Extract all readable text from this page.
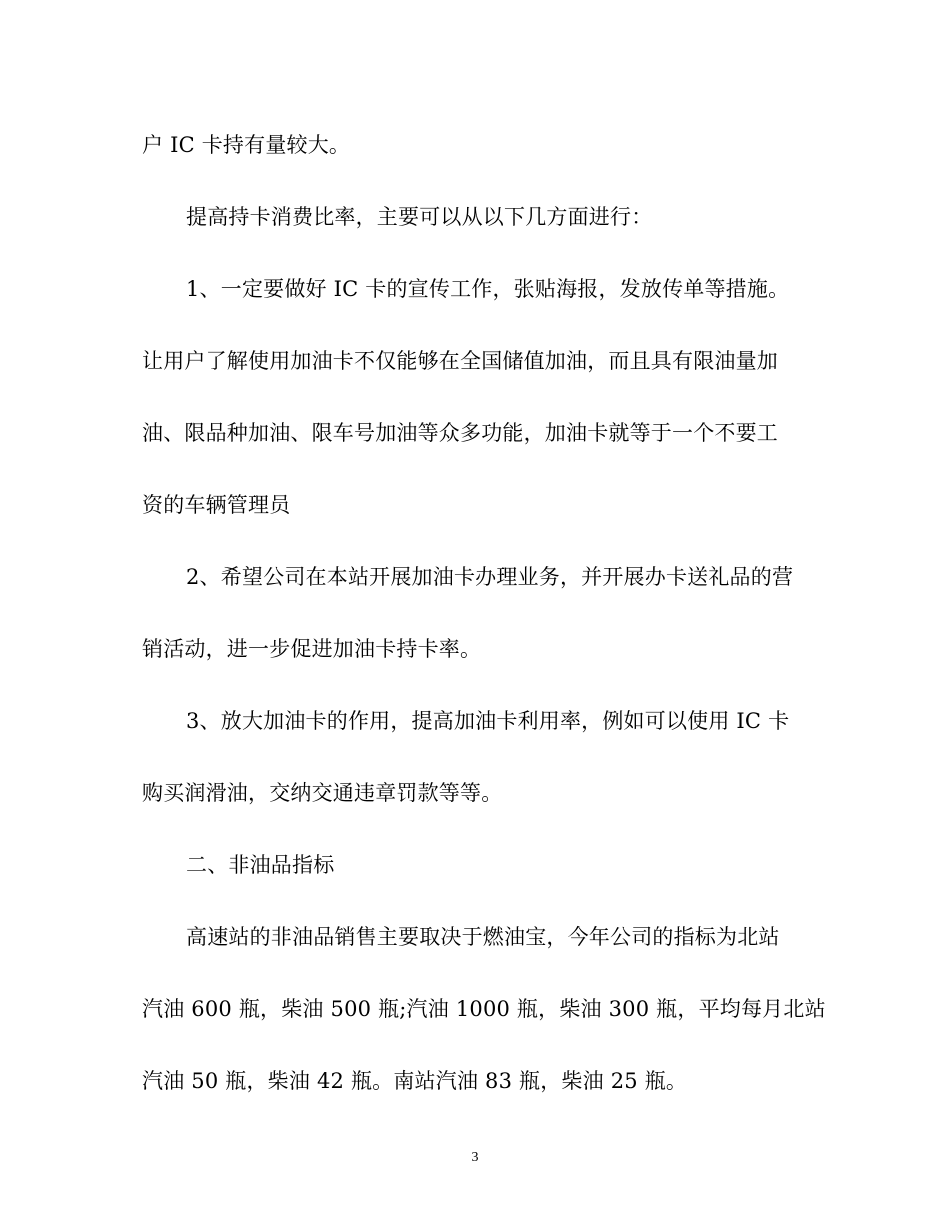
户 IC 卡持有量较大。
提高持卡消费比率，主要可以从以下几方面进行：
1、一定要做好 IC 卡的宣传工作，张贴海报，发放传单等措施。
让用户了解使用加油卡不仅能够在全国储值加油，而且具有限油量加
油、限品种加油、限车号加油等众多功能，加油卡就等于一个不要工
资的车辆管理员
2、希望公司在本站开展加油卡办理业务，并开展办卡送礼品的营
销活动，进一步促进加油卡持卡率。
3、放大加油卡的作用，提高加油卡利用率，例如可以使用 IC 卡
购买润滑油，交纳交通违章罚款等等。
二、非油品指标
高速站的非油品销售主要取决于燃油宝，今年公司的指标为北站
汽油 600 瓶，柴油 500 瓶;汽油 1000 瓶，柴油 300 瓶，平均每月北站
汽油 50 瓶，柴油 42 瓶。南站汽油 83 瓶，柴油 25 瓶。
3
